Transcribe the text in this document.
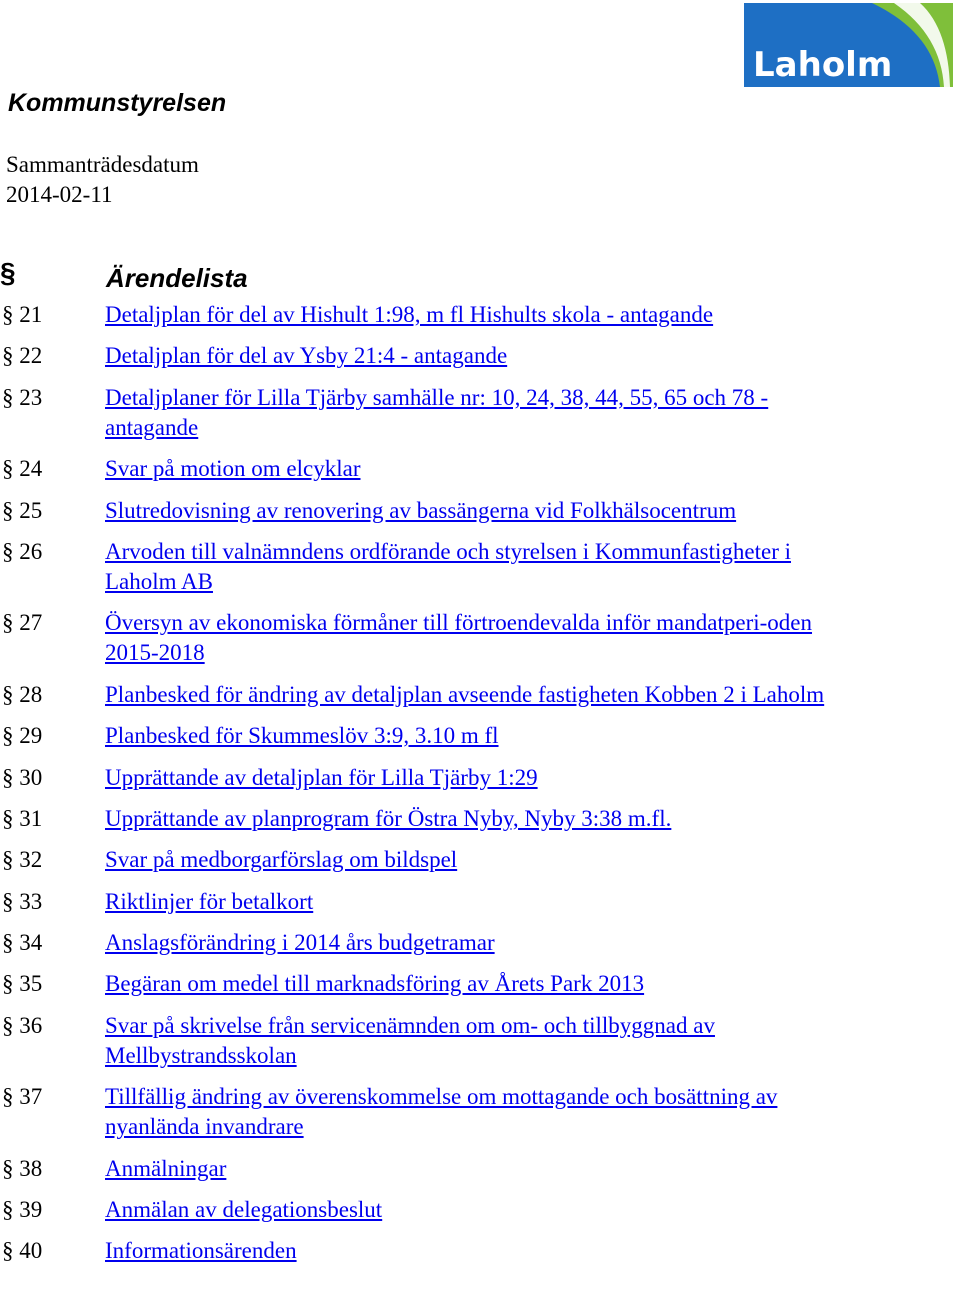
Laholm
Kommunstyrelsen
Sammanträdesdatum
2014-02-11
§	Ärendelista
§ 21	Detaljplan för del av Hishult 1:98, m fl Hishults skola - antagande
§ 22	Detaljplan för del av Ysby 21:4 - antagande
§ 23	Detaljplaner för Lilla Tjärby samhälle nr: 10, 24, 38, 44, 55, 65 och 78 - antagande
§ 24	Svar på motion om elcyklar
§ 25	Slutredovisning av renovering av bassängerna vid Folkhälsocentrum
§ 26	Arvoden till valnämndens ordförande och styrelsen i Kommunfastigheter i Laholm AB
§ 27	Översyn av ekonomiska förmåner till förtroendevalda inför mandatperi-oden 2015-2018
§ 28	Planbesked för ändring av detaljplan avseende fastigheten Kobben 2 i Laholm
§ 29	Planbesked för Skummeslöv 3:9, 3.10 m fl
§ 30	Upprättande av detaljplan för Lilla Tjärby 1:29
§ 31	Upprättande av planprogram för Östra Nyby, Nyby 3:38 m.fl.
§ 32	Svar på medborgarförslag om bildspel
§ 33	Riktlinjer för betalkort
§ 34	Anslagsförändring i 2014 års budgetramar
§ 35	Begäran om medel till marknadsföring av Årets Park 2013
§ 36	Svar på skrivelse från servicenämnden om om- och tillbyggnad av Mellbystrandsskolan
§ 37	Tillfällig ändring av överenskommelse om mottagande och bosättning av nyanlända invandrare
§ 38	Anmälningar
§ 39	Anmälan av delegationsbeslut
§ 40	Informationsärenden
